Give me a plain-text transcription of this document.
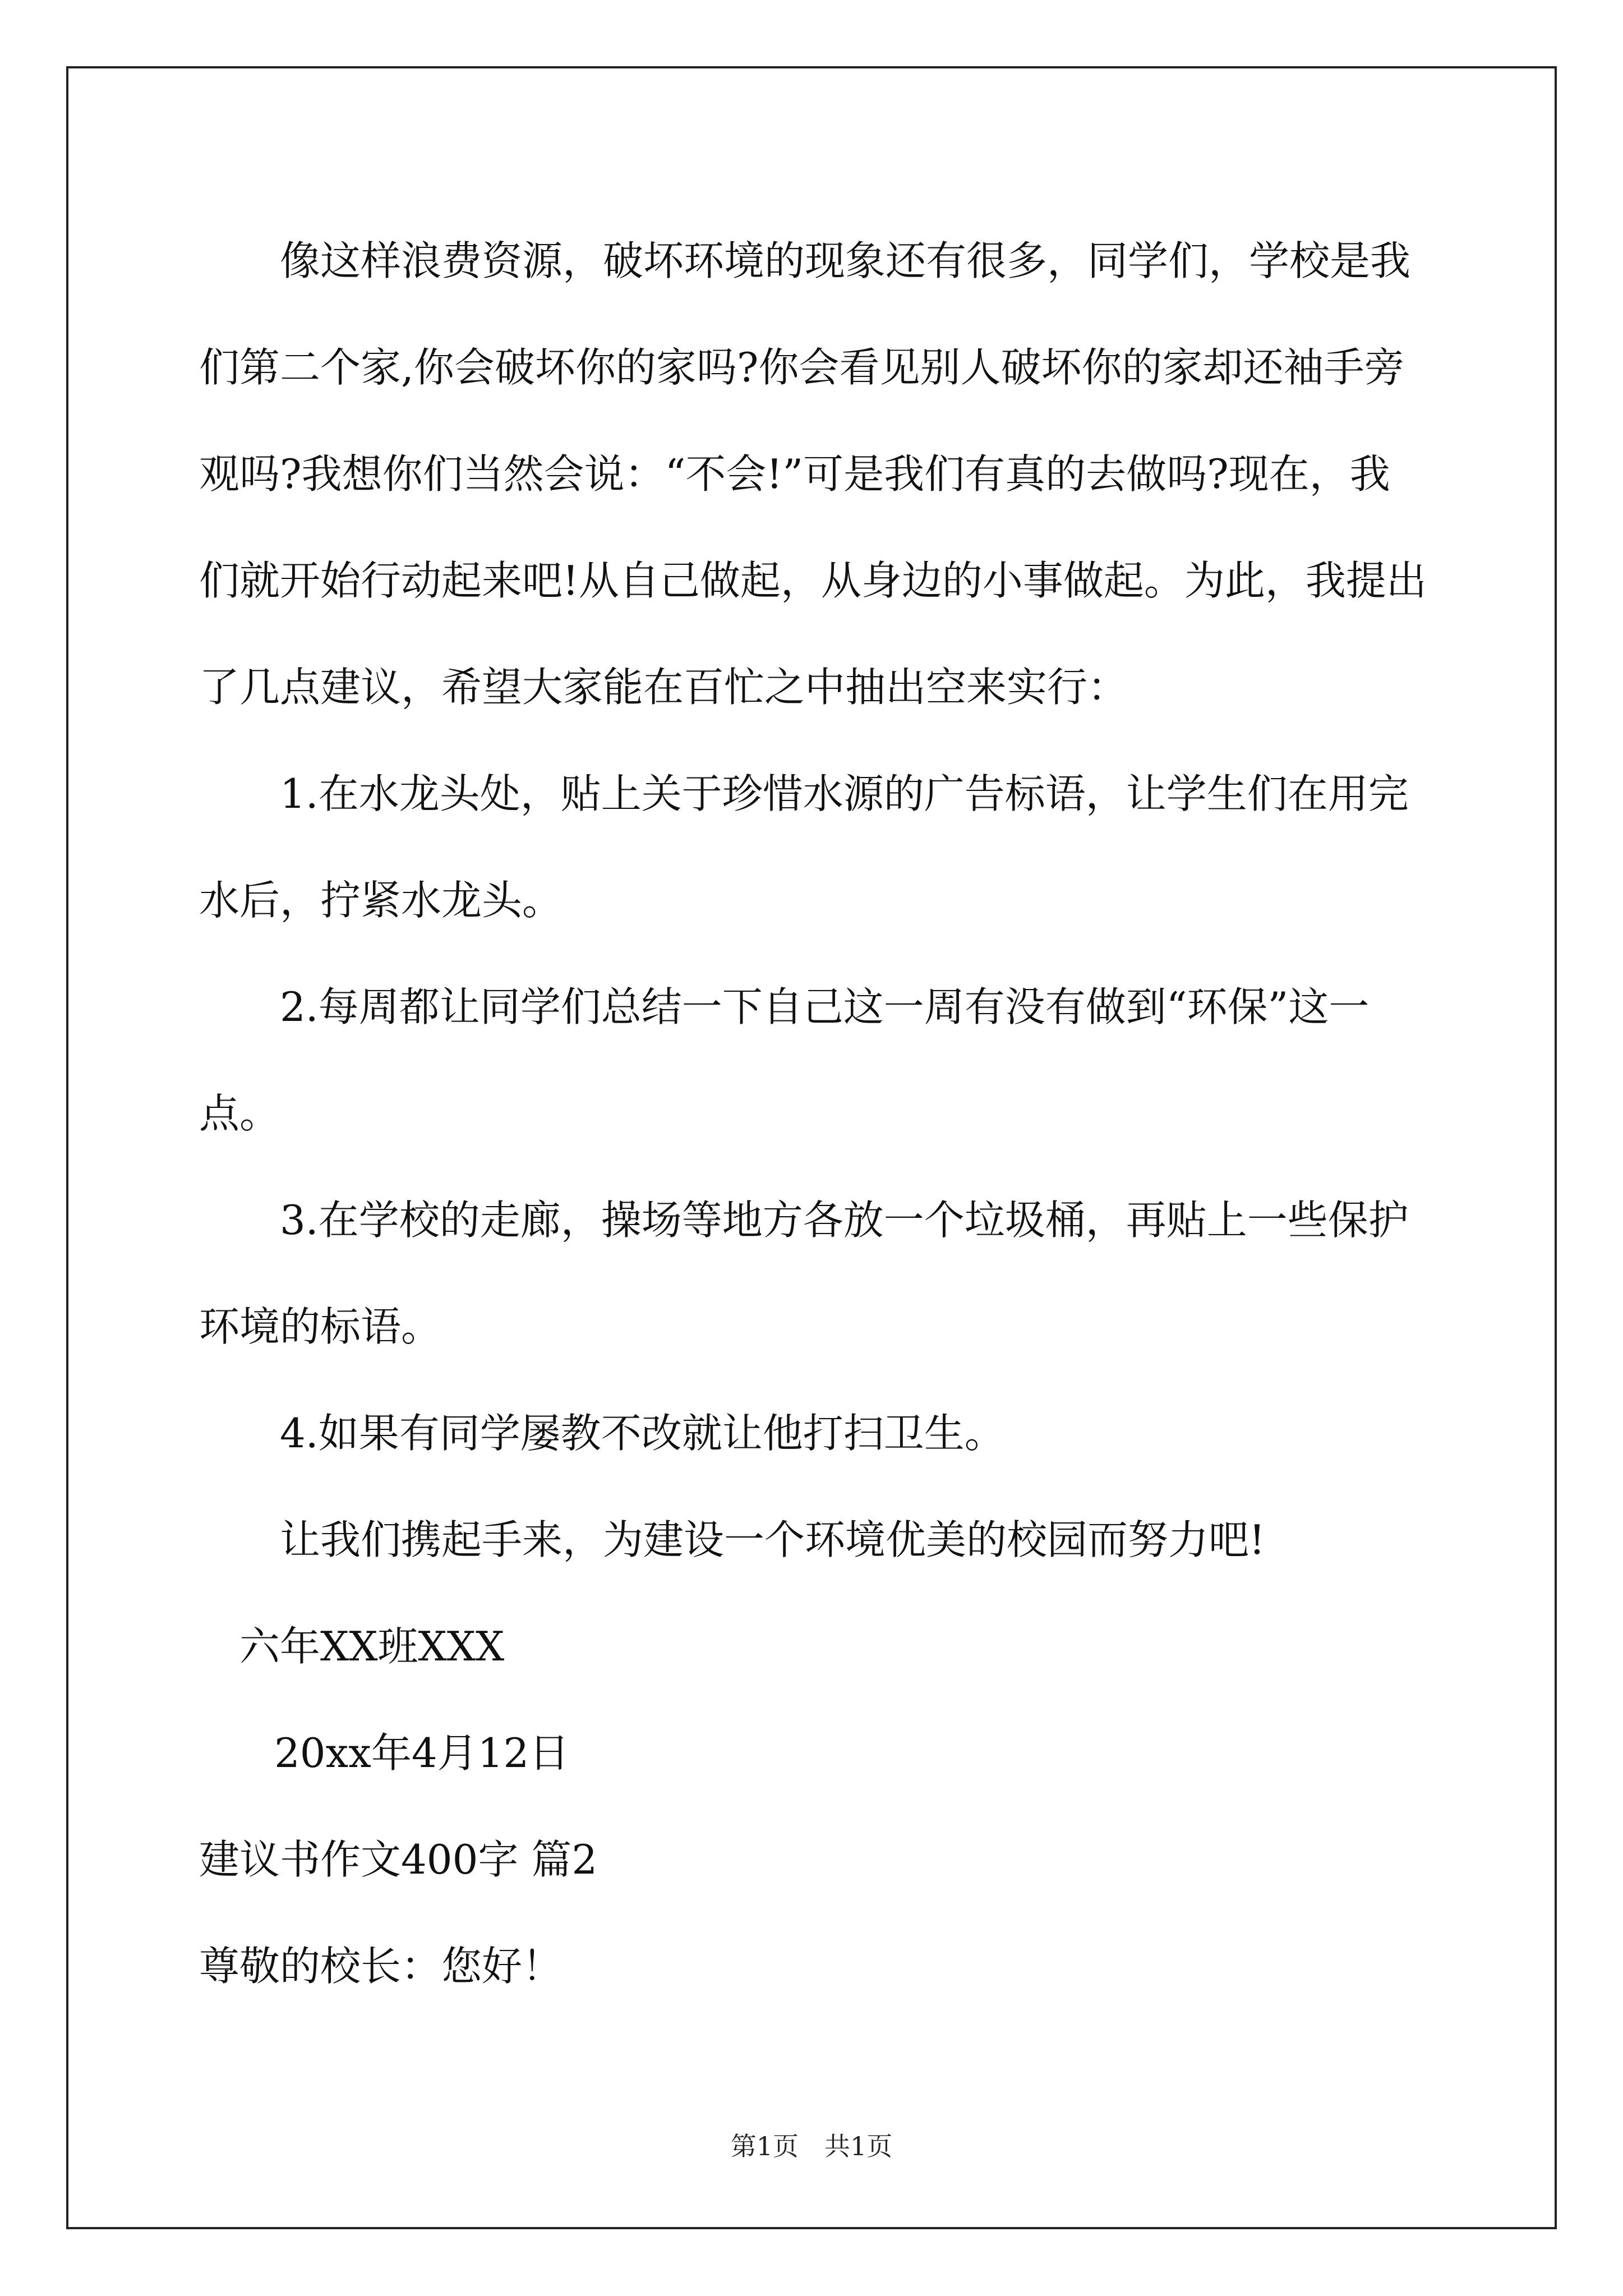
像这样浪费资源，破坏环境的现象还有很多，同学们，学校是我

们第二个家,你会破坏你的家吗?你会看见别人破坏你的家却还袖手旁

观吗?我想你们当然会说：“不会!”可是我们有真的去做吗?现在，我

们就开始行动起来吧!从自己做起，从身边的小事做起。为此，我提出

了几点建议，希望大家能在百忙之中抽出空来实行：

1.在水龙头处，贴上关于珍惜水源的广告标语，让学生们在用完

水后，拧紧水龙头。

2.每周都让同学们总结一下自己这一周有没有做到“环保”这一

点。

3.在学校的走廊，操场等地方各放一个垃圾桶，再贴上一些保护

环境的标语。

4.如果有同学屡教不改就让他打扫卫生。

让我们携起手来，为建设一个环境优美的校园而努力吧!

六年XX班XXX

20xx年4月12日

建议书作文400字 篇2

尊敬的校长：您好！

第1页　共1页
